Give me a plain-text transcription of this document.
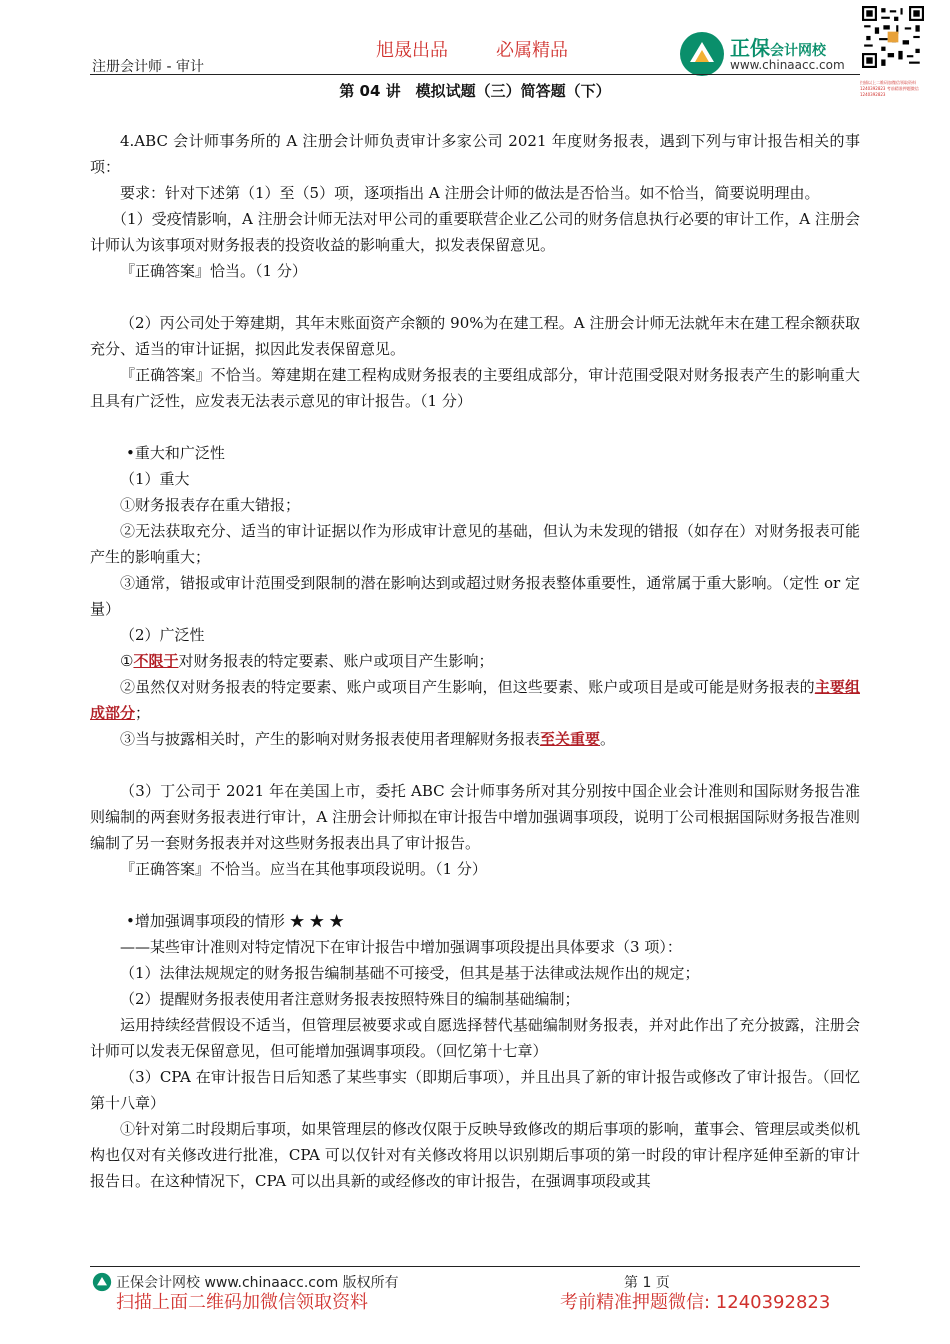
旭晟出品	必属精品
注册会计师 - 审计
正保会计网校
www.chinaacc.com
扫描以上二维码加微信领取资料 1240392823 考前精准押题微信 1240392823
第 04 讲　模拟试题（三）简答题（下）

4.ABC 会计师事务所的 A 注册会计师负责审计多家公司 2021 年度财务报表，遇到下列与审计报告相关的事项：

要求：针对下述第（1）至（5）项，逐项指出 A 注册会计师的做法是否恰当。如不恰当，简要说明理由。

（1）受疫情影响，A 注册会计师无法对甲公司的重要联营企业乙公司的财务信息执行必要的审计工作，A 注册会计师认为该事项对财务报表的投资收益的影响重大，拟发表保留意见。

『正确答案』恰当。（1 分）

（2）丙公司处于筹建期，其年末账面资产余额的 90%为在建工程。A 注册会计师无法就年末在建工程余额获取充分、适当的审计证据，拟因此发表保留意见。

『正确答案』不恰当。筹建期在建工程构成财务报表的主要组成部分，审计范围受限对财务报表产生的影响重大且具有广泛性，应发表无法表示意见的审计报告。（1 分）

•重大和广泛性

（1）重大

①财务报表存在重大错报；

②无法获取充分、适当的审计证据以作为形成审计意见的基础，但认为未发现的错报（如存在）对财务报表可能产生的影响重大；

③通常，错报或审计范围受到限制的潜在影响达到或超过财务报表整体重要性，通常属于重大影响。（定性 or 定量）

（2）广泛性

①不限于对财务报表的特定要素、账户或项目产生影响；

②虽然仅对财务报表的特定要素、账户或项目产生影响，但这些要素、账户或项目是或可能是财务报表的主要组成部分；

③当与披露相关时，产生的影响对财务报表使用者理解财务报表至关重要。

（3）丁公司于 2021 年在美国上市，委托 ABC 会计师事务所对其分别按中国企业会计准则和国际财务报告准则编制的两套财务报表进行审计，A 注册会计师拟在审计报告中增加强调事项段，说明丁公司根据国际财务报告准则编制了另一套财务报表并对这些财务报表出具了审计报告。

『正确答案』不恰当。应当在其他事项段说明。（1 分）

•增加强调事项段的情形 ★ ★ ★

——某些审计准则对特定情况下在审计报告中增加强调事项段提出具体要求（3 项）：

（1）法律法规规定的财务报告编制基础不可接受，但其是基于法律或法规作出的规定；

（2）提醒财务报表使用者注意财务报表按照特殊目的编制基础编制；

运用持续经营假设不适当，但管理层被要求或自愿选择替代基础编制财务报表，并对此作出了充分披露，注册会计师可以发表无保留意见，但可能增加强调事项段。（回忆第十七章）

（3）CPA 在审计报告日后知悉了某些事实（即期后事项），并且出具了新的审计报告或修改了审计报告。（回忆第十八章）

①针对第二时段期后事项，如果管理层的修改仅限于反映导致修改的期后事项的影响，董事会、管理层或类似机构也仅对有关修改进行批准，CPA 可以仅针对有关修改将用以识别期后事项的第一时段的审计程序延伸至新的审计报告日。在这种情况下，CPA 可以出具新的或经修改的审计报告，在强调事项段或其

正保会计网校 www.chinaacc.com 版权所有	第 1 页
扫描上面二维码加微信领取资料	考前精准押题微信: 1240392823
